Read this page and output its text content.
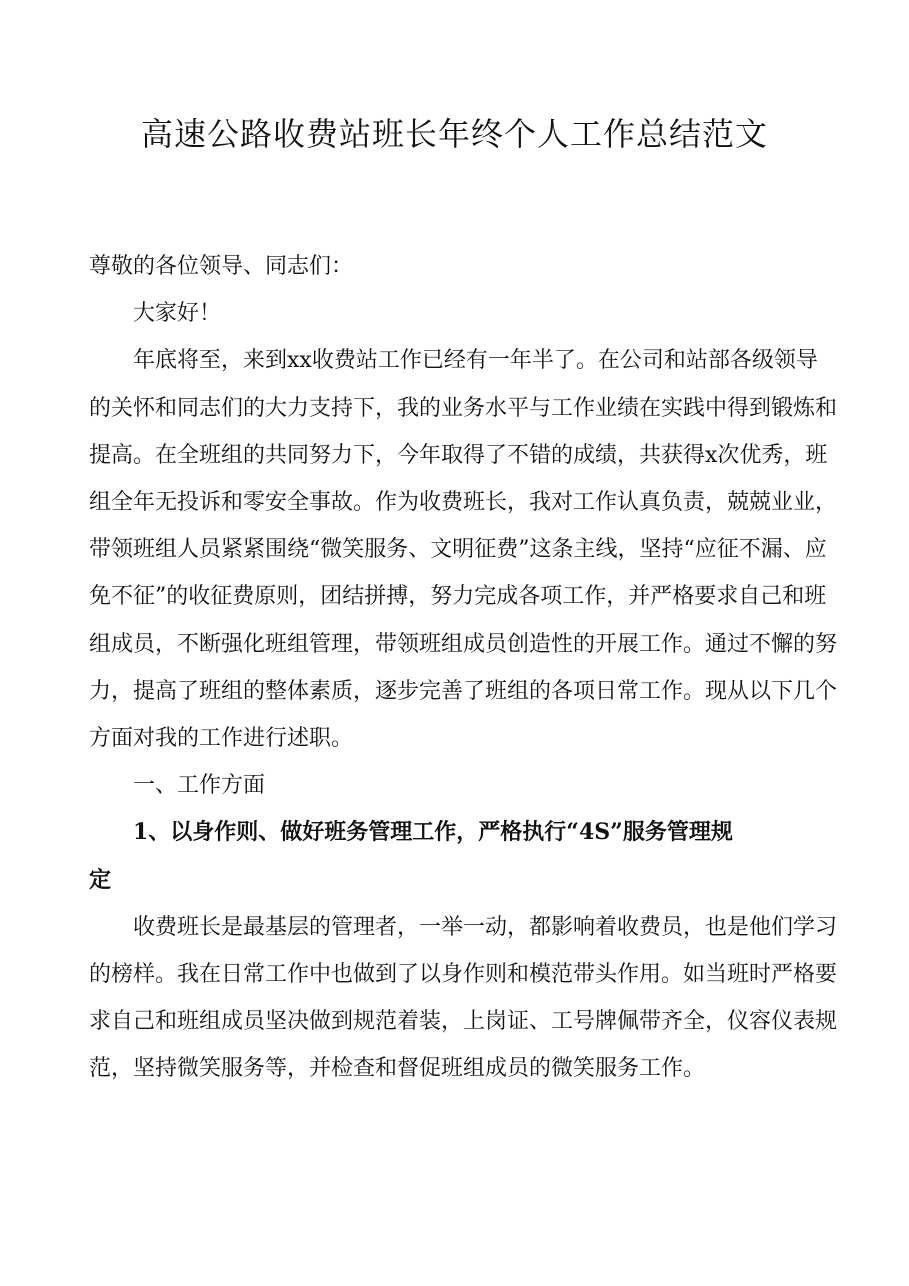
高速公路收费站班长年终个人工作总结范文

尊敬的各位领导、同志们：

大家好！

年底将至，来到xx收费站工作已经有一年半了。在公司和站部各级领导的关怀和同志们的大力支持下，我的业务水平与工作业绩在实践中得到锻炼和提高。在全班组的共同努力下，今年取得了不错的成绩，共获得x次优秀，班组全年无投诉和零安全事故。作为收费班长，我对工作认真负责，兢兢业业，带领班组人员紧紧围绕“微笑服务、文明征费”这条主线，坚持“应征不漏、应免不征”的收征费原则，团结拼搏，努力完成各项工作，并严格要求自己和班组成员，不断强化班组管理，带领班组成员创造性的开展工作。通过不懈的努力，提高了班组的整体素质，逐步完善了班组的各项日常工作。现从以下几个方面对我的工作进行述职。

一、工作方面

1、以身作则、做好班务管理工作，严格执行“4S”服务管理规
定

收费班长是最基层的管理者，一举一动，都影响着收费员，也是他们学习的榜样。我在日常工作中也做到了以身作则和模范带头作用。如当班时严格要求自己和班组成员坚决做到规范着装，上岗证、工号牌佩带齐全，仪容仪表规范，坚持微笑服务等，并检查和督促班组成员的微笑服务工作。
